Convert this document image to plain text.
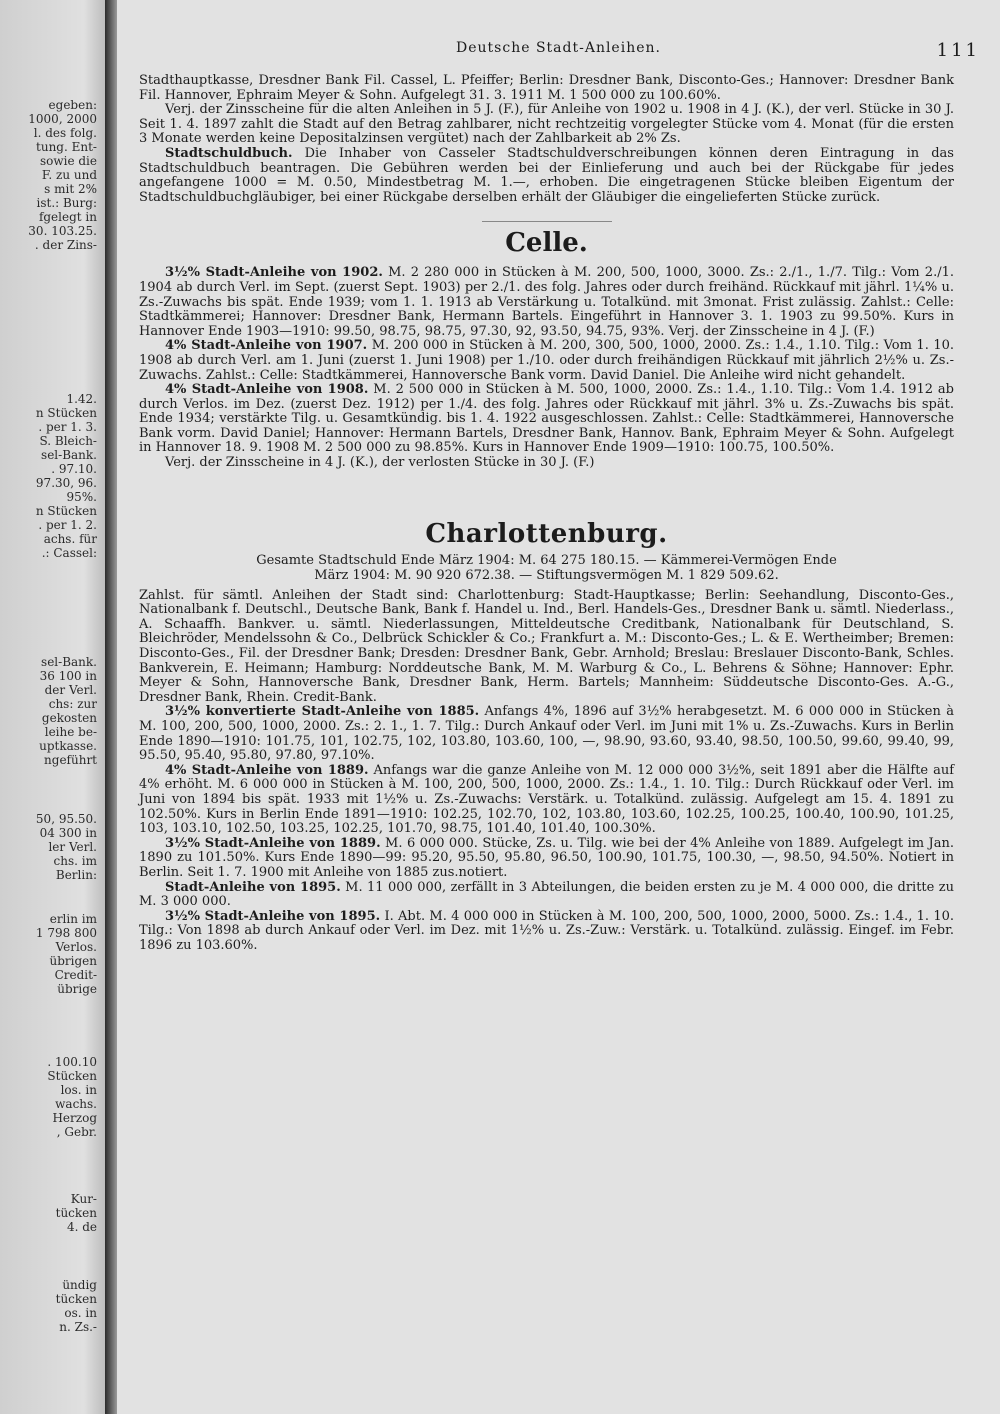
egeben:
1000, 2000
l. des folg.
tung. Ent-
sowie die
F. zu und
s mit 2%
ist.: Burg:
fgelegt in
30. 103.25.
. der Zins-
1.42.
n Stücken
. per 1. 3.
S. Bleich-
sel-Bank.
. 97.10.
97.30, 96.
95%.
n Stücken
. per 1. 2.
achs. für
.: Cassel:
sel-Bank.
36 100 in
der Verl.
chs: zur
gekosten
leihe be-
uptkasse.
ngeführt
50, 95.50.
04 300 in
ler Verl.
chs. im
Berlin:
erlin im
1 798 800
Verlos.
übrigen
Credit-
übrige
. 100.10
Stücken
los. in
wachs.
Herzog
, Gebr.
Kur-
tücken
4. de
ündig
tücken
os. in
n. Zs.-
Deutsche Stadt-Anleihen.	111

Stadthauptkasse, Dresdner Bank Fil. Cassel, L. Pfeiffer; Berlin: Dresdner Bank, Disconto-Ges.; Hannover: Dresdner Bank Fil. Hannover, Ephraim Meyer & Sohn. Aufgelegt 31. 3. 1911 M. 1 500 000 zu 100.60%.

Verj. der Zinsscheine für die alten Anleihen in 5 J. (F.), für Anleihe von 1902 u. 1908 in 4 J. (K.), der verl. Stücke in 30 J. Seit 1. 4. 1897 zahlt die Stadt auf den Betrag zahlbarer, nicht rechtzeitig vorgelegter Stücke vom 4. Monat (für die ersten 3 Monate werden keine Depositalzinsen vergütet) nach der Zahlbarkeit ab 2% Zs.

Stadtschuldbuch. Die Inhaber von Casseler Stadtschuldverschreibungen können deren Eintragung in das Stadtschuldbuch beantragen. Die Gebühren werden bei der Einlieferung und auch bei der Rückgabe für jedes angefangene 1000 = M. 0.50, Mindestbetrag M. 1.—, erhoben. Die eingetragenen Stücke bleiben Eigentum der Stadtschuldbuchgläubiger, bei einer Rückgabe derselben erhält der Gläubiger die eingelieferten Stücke zurück.

Celle.

3½% Stadt-Anleihe von 1902. M. 2 280 000 in Stücken à M. 200, 500, 1000, 3000. Zs.: 2./1., 1./7. Tilg.: Vom 2./1. 1904 ab durch Verl. im Sept. (zuerst Sept. 1903) per 2./1. des folg. Jahres oder durch freihänd. Rückkauf mit jährl. 1¼% u. Zs.-Zuwachs bis spät. Ende 1939; vom 1. 1. 1913 ab Verstärkung u. Totalkünd. mit 3monat. Frist zulässig. Zahlst.: Celle: Stadtkämmerei; Hannover: Dresdner Bank, Hermann Bartels. Eingeführt in Hannover 3. 1. 1903 zu 99.50%. Kurs in Hannover Ende 1903—1910: 99.50, 98.75, 98.75, 97.30, 92, 93.50, 94.75, 93%. Verj. der Zinsscheine in 4 J. (F.)

4% Stadt-Anleihe von 1907. M. 200 000 in Stücken à M. 200, 300, 500, 1000, 2000. Zs.: 1.4., 1.10. Tilg.: Vom 1. 10. 1908 ab durch Verl. am 1. Juni (zuerst 1. Juni 1908) per 1./10. oder durch freihändigen Rückkauf mit jährlich 2½% u. Zs.-Zuwachs. Zahlst.: Celle: Stadtkämmerei, Hannoversche Bank vorm. David Daniel. Die Anleihe wird nicht gehandelt.

4% Stadt-Anleihe von 1908. M. 2 500 000 in Stücken à M. 500, 1000, 2000. Zs.: 1.4., 1.10. Tilg.: Vom 1.4. 1912 ab durch Verlos. im Dez. (zuerst Dez. 1912) per 1./4. des folg. Jahres oder Rückkauf mit jährl. 3% u. Zs.-Zuwachs bis spät. Ende 1934; verstärkte Tilg. u. Gesamtkündig. bis 1. 4. 1922 ausgeschlossen. Zahlst.: Celle: Stadtkämmerei, Hannoversche Bank vorm. David Daniel; Hannover: Hermann Bartels, Dresdner Bank, Hannov. Bank, Ephraim Meyer & Sohn. Aufgelegt in Hannover 18. 9. 1908 M. 2 500 000 zu 98.85%. Kurs in Hannover Ende 1909—1910: 100.75, 100.50%.

Verj. der Zinsscheine in 4 J. (K.), der verlosten Stücke in 30 J. (F.)

Charlottenburg.
Gesamte Stadtschuld Ende März 1904: M. 64 275 180.15. — Kämmerei-Vermögen Ende
März 1904: M. 90 920 672.38. — Stiftungsvermögen M. 1 829 509.62.

Zahlst. für sämtl. Anleihen der Stadt sind: Charlottenburg: Stadt-Hauptkasse; Berlin: Seehandlung, Disconto-Ges., Nationalbank f. Deutschl., Deutsche Bank, Bank f. Handel u. Ind., Berl. Handels-Ges., Dresdner Bank u. sämtl. Niederlass., A. Schaaffh. Bankver. u. sämtl. Niederlassungen, Mitteldeutsche Creditbank, Nationalbank für Deutschland, S. Bleichröder, Mendelssohn & Co., Delbrück Schickler & Co.; Frankfurt a. M.: Disconto-Ges.; L. & E. Wertheimber; Bremen: Disconto-Ges., Fil. der Dresdner Bank; Dresden: Dresdner Bank, Gebr. Arnhold; Breslau: Breslauer Disconto-Bank, Schles. Bankverein, E. Heimann; Hamburg: Norddeutsche Bank, M. M. Warburg & Co., L. Behrens & Söhne; Hannover: Ephr. Meyer & Sohn, Hannoversche Bank, Dresdner Bank, Herm. Bartels; Mannheim: Süddeutsche Disconto-Ges. A.-G., Dresdner Bank, Rhein. Credit-Bank.

3½% konvertierte Stadt-Anleihe von 1885. Anfangs 4%, 1896 auf 3½% herabgesetzt. M. 6 000 000 in Stücken à M. 100, 200, 500, 1000, 2000. Zs.: 2. 1., 1. 7. Tilg.: Durch Ankauf oder Verl. im Juni mit 1% u. Zs.-Zuwachs. Kurs in Berlin Ende 1890—1910: 101.75, 101, 102.75, 102, 103.80, 103.60, 100, —, 98.90, 93.60, 93.40, 98.50, 100.50, 99.60, 99.40, 99, 95.50, 95.40, 95.80, 97.80, 97.10%.

4% Stadt-Anleihe von 1889. Anfangs war die ganze Anleihe von M. 12 000 000 3½%, seit 1891 aber die Hälfte auf 4% erhöht. M. 6 000 000 in Stücken à M. 100, 200, 500, 1000, 2000. Zs.: 1.4., 1. 10. Tilg.: Durch Rückkauf oder Verl. im Juni von 1894 bis spät. 1933 mit 1½% u. Zs.-Zuwachs: Verstärk. u. Totalkünd. zulässig. Aufgelegt am 15. 4. 1891 zu 102.50%. Kurs in Berlin Ende 1891—1910: 102.25, 102.70, 102, 103.80, 103.60, 102.25, 100.25, 100.40, 100.90, 101.25, 103, 103.10, 102.50, 103.25, 102.25, 101.70, 98.75, 101.40, 101.40, 100.30%.

3½% Stadt-Anleihe von 1889. M. 6 000 000. Stücke, Zs. u. Tilg. wie bei der 4% Anleihe von 1889. Aufgelegt im Jan. 1890 zu 101.50%. Kurs Ende 1890—99: 95.20, 95.50, 95.80, 96.50, 100.90, 101.75, 100.30, —, 98.50, 94.50%. Notiert in Berlin. Seit 1. 7. 1900 mit Anleihe von 1885 zus.notiert.

Stadt-Anleihe von 1895. M. 11 000 000, zerfällt in 3 Abteilungen, die beiden ersten zu je M. 4 000 000, die dritte zu M. 3 000 000.

3½% Stadt-Anleihe von 1895. I. Abt. M. 4 000 000 in Stücken à M. 100, 200, 500, 1000, 2000, 5000. Zs.: 1.4., 1. 10. Tilg.: Von 1898 ab durch Ankauf oder Verl. im Dez. mit 1½% u. Zs.-Zuw.: Verstärk. u. Totalkünd. zulässig. Eingef. im Febr. 1896 zu 103.60%.
